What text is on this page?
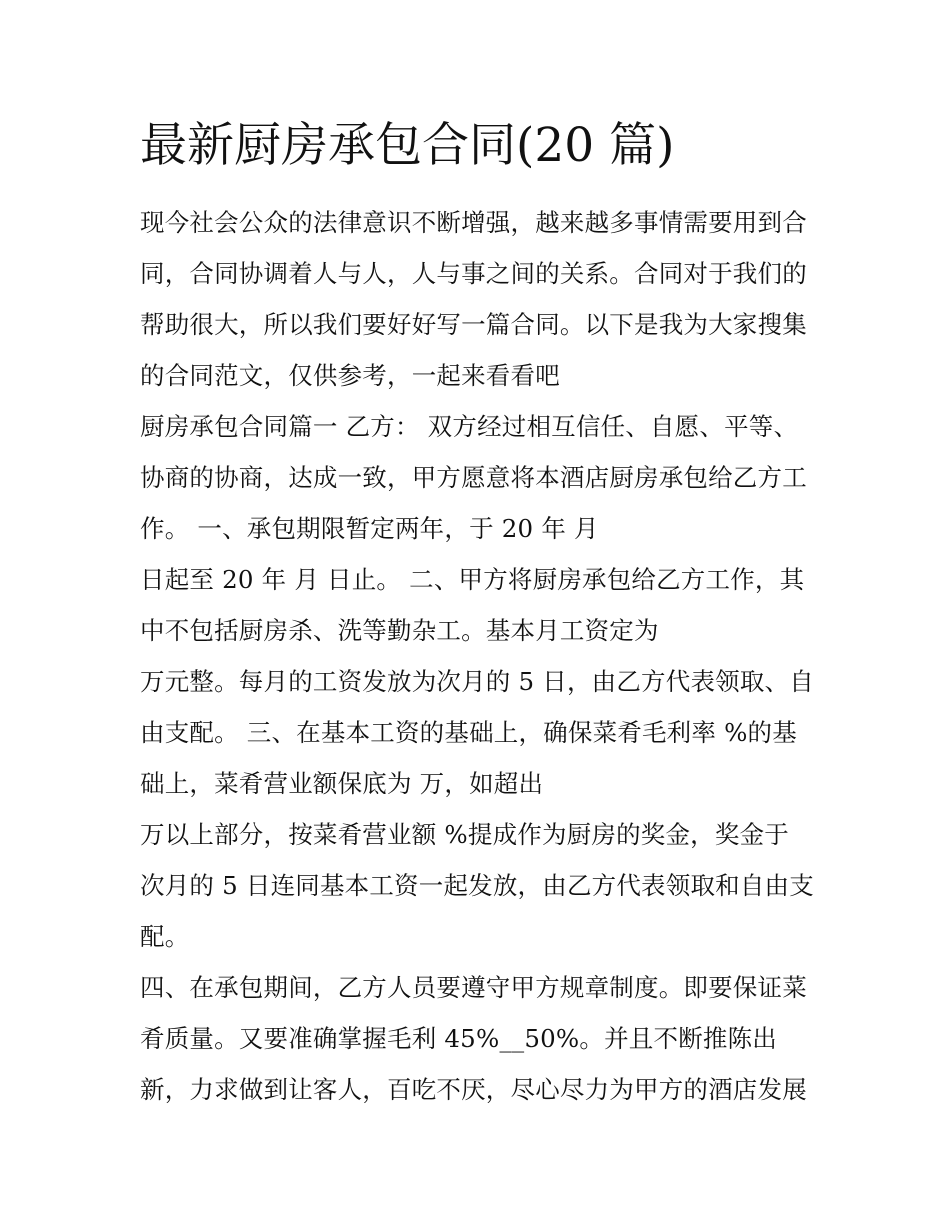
最新厨房承包合同(20 篇)
现今社会公众的法律意识不断增强，越来越多事情需要用到合
同，合同协调着人与人，人与事之间的关系。合同对于我们的
帮助很大，所以我们要好好写一篇合同。以下是我为大家搜集
的合同范文，仅供参考，一起来看看吧
厨房承包合同篇一 乙方： 双方经过相互信任、自愿、平等、
协商的协商，达成一致，甲方愿意将本酒店厨房承包给乙方工
作。 一、承包期限暂定两年，于 20 年 月
日起至 20 年 月 日止。 二、甲方将厨房承包给乙方工作，其
中不包括厨房杀、洗等勤杂工。基本月工资定为
万元整。每月的工资发放为次月的 5 日，由乙方代表领取、自
由支配。 三、在基本工资的基础上，确保菜肴毛利率 %的基
础上，菜肴营业额保底为 万，如超出
万以上部分，按菜肴营业额 %提成作为厨房的奖金，奖金于
次月的 5 日连同基本工资一起发放，由乙方代表领取和自由支
配。
四、在承包期间，乙方人员要遵守甲方规章制度。即要保证菜
肴质量。又要准确掌握毛利 45%__50%。并且不断推陈出
新，力求做到让客人，百吃不厌，尽心尽力为甲方的酒店发展
